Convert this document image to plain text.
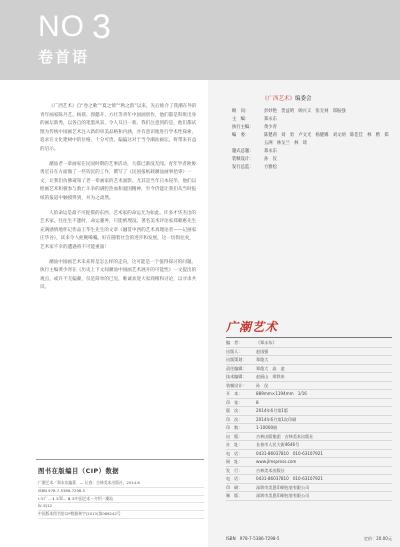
NO 3
卷首语

《广西艺术》自“卷之歌”“夏之情”“秋之韵”以来，先后推介了我潮在外的青年画家陈丹艺、杨晨、郭懿开、方壮等青年中国画创作，他们都是科班出身的画坛新秀，以各自的笔墨风采，令人耳目一新。我们注意到的是，他们都试图为传统中国画艺术注入新的审美品格和内涵，并有意识地进行学术性探索，追求在文化建树中的位格，十分可贵。偏偏这对于当今潮汕画坛，将带来有益的启示。

潮汕老一辈画家在民国时期的艺事活动，大都已渐没无闻。青年学者欧俊勇近日在方面做了一些钩沉的工作，撰写了《民国报纸载潮汕画事拾零》一文，让我们仿佛窥知了老一辈画家的艺术面影。尤其是当年日本侵华，他们以绘画艺术积极参与救亡斗争的满腔热血和爱国精神，至今仍能让我们从当时报纸的报道中触摸得到，并为之肃然。

人的命运是最不可捉摸的东西。艺术家的命运尤为如此。许多才华杰出的艺术家，往往生不逢时，命运蹇舛，只能被埋没。著名美术评论家郑朝惠先生充满感情地怀记作品王华生先生的文章《融贯中西的艺术真理论者——记画家庄华谷》，读来令人扼腕唏嘘。好在随着社会的进步和发展，这一切俱往矣，艺术家不幸的遭遇将不可能重演！

潮汕中国画艺术未来将是怎么样的走向，这可能是一个值得探讨的问题。执行主编黄少青在《历史上下文间潮汕中国画艺术展开的可能性》一文提出的观点，或许不无偏颇，仅是简单的已见，唯诚欢迎大家商榷和讨论，以寻求共识。

图书在版编目（CIP）数据
广潮艺术／郑永东编著．— 长春：吉林美术出版社，2014.6
ISBN 978-7-5386-7298-5
Ⅰ.①广… Ⅱ.①郑… Ⅲ.①中国艺术－介绍－潮汕
Ⅳ.①J12
中国版本图书馆CIP数据核字(2013)第086242号
《广西艺术》编委会
顾　问：	彭妙艳　贺益明　顾兴义　张无祠　郑振强
主　编：	郑永东
执行主编：	黄少青
编　委：	陈楚莉　刘　勇　卢文光　杨健娜　刘文炳　陈佳佳　林　楷　郑五洲　林戈兰　林　琦
题式总题：	郑永东
装帧设计：	孙　仪
发行总监：	方雅松
广潮艺术
编　者：	《郑永东》
出版人：	赵国强
出版策划：	郑俊大
责任编辑：	郑俊大　高　凌
技术编辑：	赵丽山　郑铁来
装帧设计：	孙　仪
开　本：	889mm×1194mm　1/16
印　张：	8
版　次：	2014年6月第1版
印　次：	2014年6月第1次印刷
印　数：	1-10000册
出　版：	吉林出版集团　吉林美术出版社
社　址：	长春市人民大街4646号
电　话：	0431-86037810　010-63107921
网　址：	www.jlmspress.com
发　行：	吉林美术出版社
电　话：	0431-86037810　010-63107921
印　刷：	深圳市美恩印刷包装有限公司
制　版：	深圳市美恩印刷包装有限公司
ISBN　978-7-5386-7298-5	定价：20.00元
